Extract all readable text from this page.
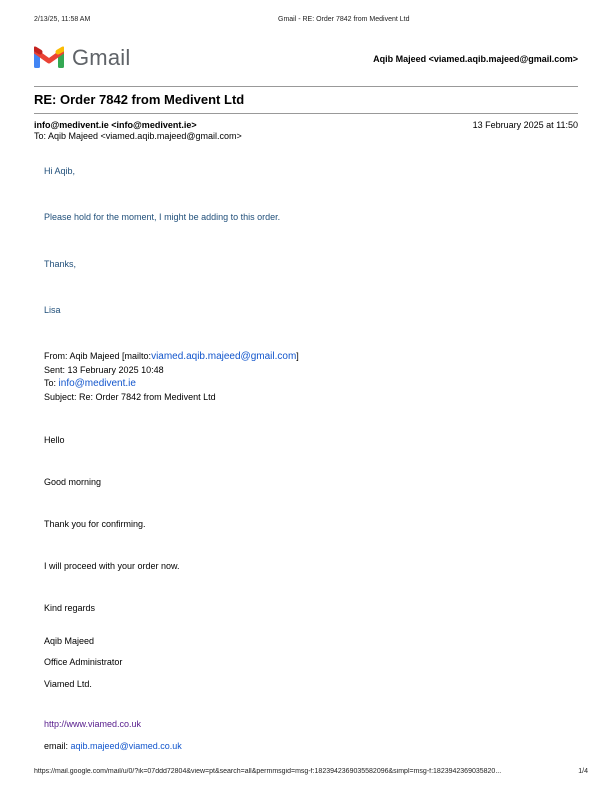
2/13/25, 11:58 AM	Gmail - RE: Order 7842 from Medivent Ltd
Gmail	Aqib Majeed <viamed.aqib.majeed@gmail.com>
RE: Order 7842 from Medivent Ltd
info@medivent.ie <info@medivent.ie>	13 February 2025 at 11:50
To: Aqib Majeed <viamed.aqib.majeed@gmail.com>
Hi Aqib,
Please hold for the moment, I might be adding to this order.
Thanks,
Lisa
From: Aqib Majeed [mailto:viamed.aqib.majeed@gmail.com]
Sent: 13 February 2025 10:48
To: info@medivent.ie
Subject: Re: Order 7842 from Medivent Ltd
Hello
Good morning
Thank you for confirming.
I will proceed with your order now.
Kind regards
Aqib Majeed
Office Administrator
Viamed Ltd.
http://www.viamed.co.uk
email: aqib.majeed@viamed.co.uk
https://mail.google.com/mail/u/0/?ik=07ddd72804&view=pt&search=all&permmsgid=msg-f:1823942369035582096&simpl=msg-f:1823942369035820...	1/4
